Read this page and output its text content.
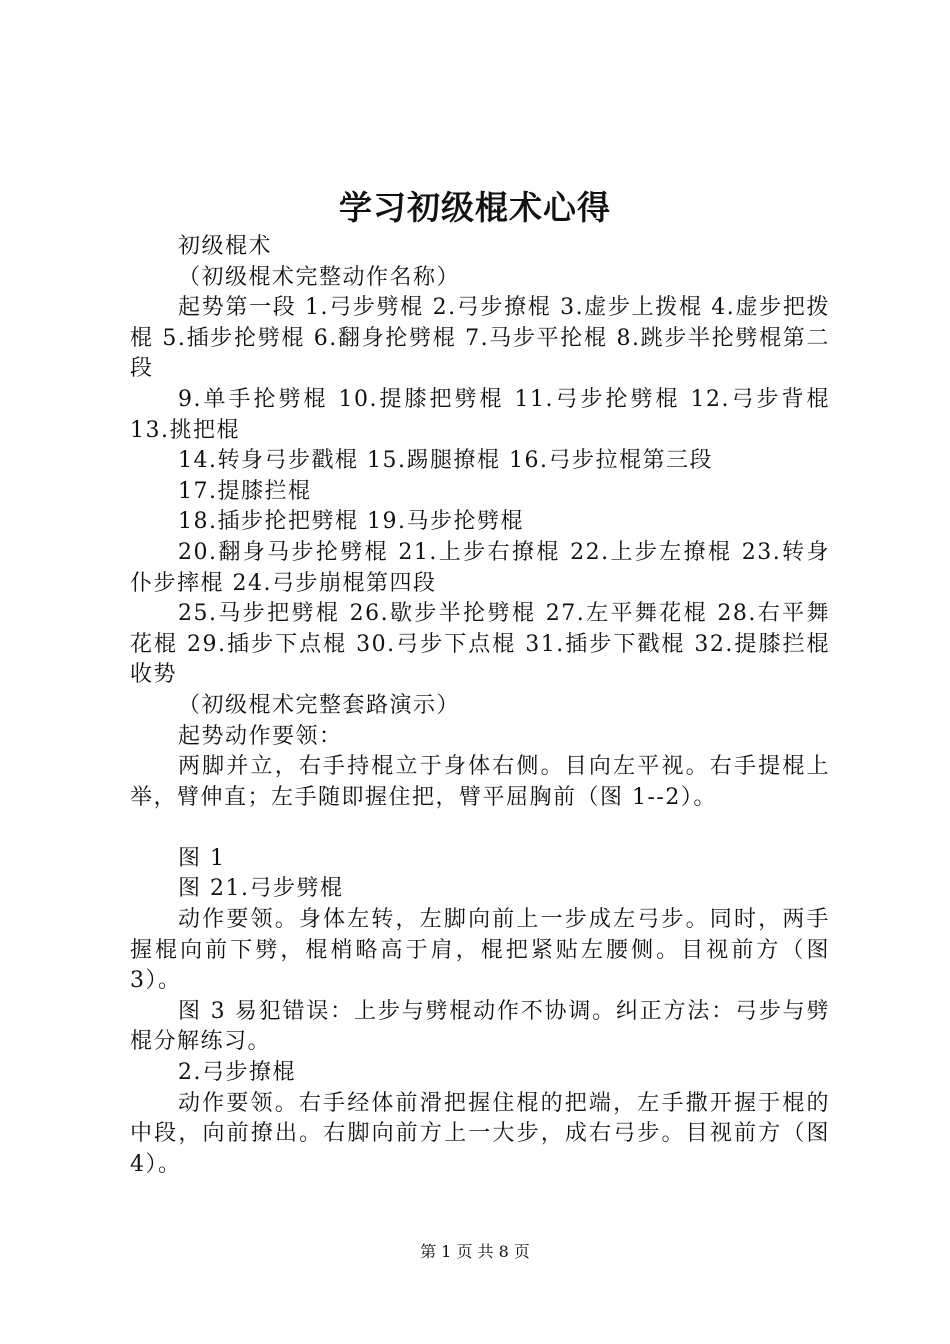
学习初级棍术心得

初级棍术

（初级棍术完整动作名称）

起势第一段 1.弓步劈棍 2.弓步撩棍 3.虚步上拨棍 4.虚步把拨棍 5.插步抡劈棍 6.翻身抡劈棍 7.马步平抡棍 8.跳步半抡劈棍第二段

9.单手抡劈棍 10.提膝把劈棍 11.弓步抡劈棍 12.弓步背棍 13.挑把棍

14.转身弓步戳棍 15.踢腿撩棍 16.弓步拉棍第三段

17.提膝拦棍

18.插步抡把劈棍 19.马步抡劈棍

20.翻身马步抡劈棍 21.上步右撩棍 22.上步左撩棍 23.转身仆步摔棍 24.弓步崩棍第四段

25.马步把劈棍 26.歇步半抡劈棍 27.左平舞花棍 28.右平舞花棍 29.插步下点棍 30.弓步下点棍 31.插步下戳棍 32.提膝拦棍收势

（初级棍术完整套路演示）

起势动作要领：

两脚并立，右手持棍立于身体右侧。目向左平视。右手提棍上举，臂伸直；左手随即握住把，臂平屈胸前（图 1--2）。

图 1

图 21.弓步劈棍

动作要领。身体左转，左脚向前上一步成左弓步。同时，两手握棍向前下劈，棍梢略高于肩，棍把紧贴左腰侧。目视前方（图 3）。

图 3 易犯错误：上步与劈棍动作不协调。纠正方法：弓步与劈棍分解练习。

2.弓步撩棍

动作要领。右手经体前滑把握住棍的把端，左手撒开握于棍的中段，向前撩出。右脚向前方上一大步，成右弓步。目视前方（图 4）。

第 1 页 共 8 页
